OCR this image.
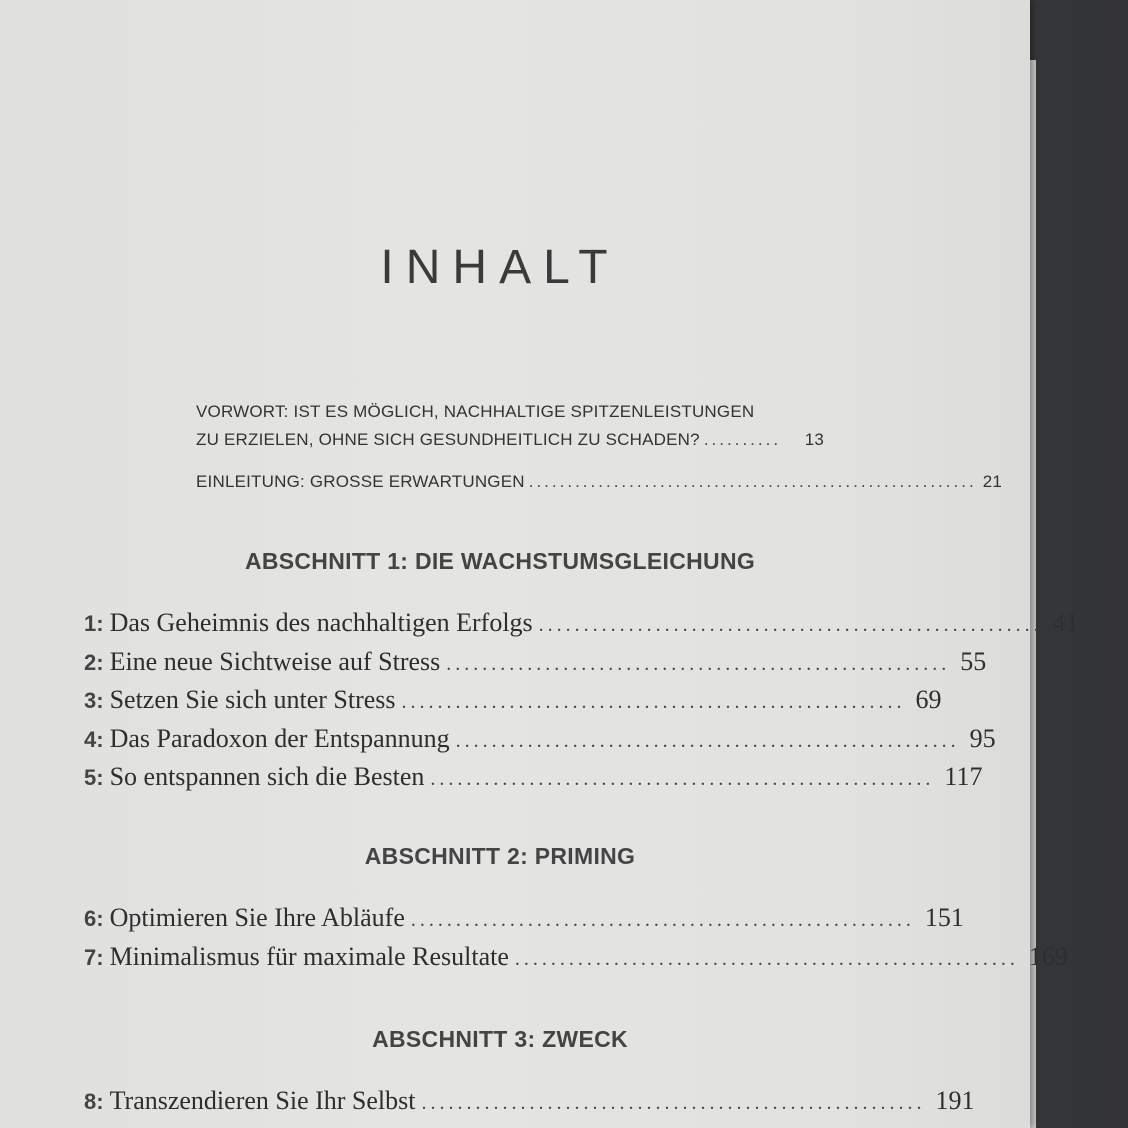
INHALT
VORWORT: IST ES MÖGLICH, NACHHALTIGE SPITZENLEISTUNGEN
ZU ERZIELEN, OHNE SICH GESUNDHEITLICH ZU SCHADEN? ..........	13
EINLEITUNG: GROSSE ERWARTUNGEN .......................................................... 21
ABSCHNITT 1: DIE WACHSTUMSGLEICHUNG
1: Das Geheimnis des nachhaltigen Erfolgs ........................................................ 41
2: Eine neue Sichtweise auf Stress ........................................................ 55
3: Setzen Sie sich unter Stress ........................................................ 69
4: Das Paradoxon der Entspannung ........................................................ 95
5: So entspannen sich die Besten ........................................................ 117
ABSCHNITT 2: PRIMING
6: Optimieren Sie Ihre Abläufe ........................................................ 151
7: Minimalismus für maximale Resultate ........................................................ 169
ABSCHNITT 3: ZWECK
8: Transzendieren Sie Ihr Selbst ........................................................ 191
